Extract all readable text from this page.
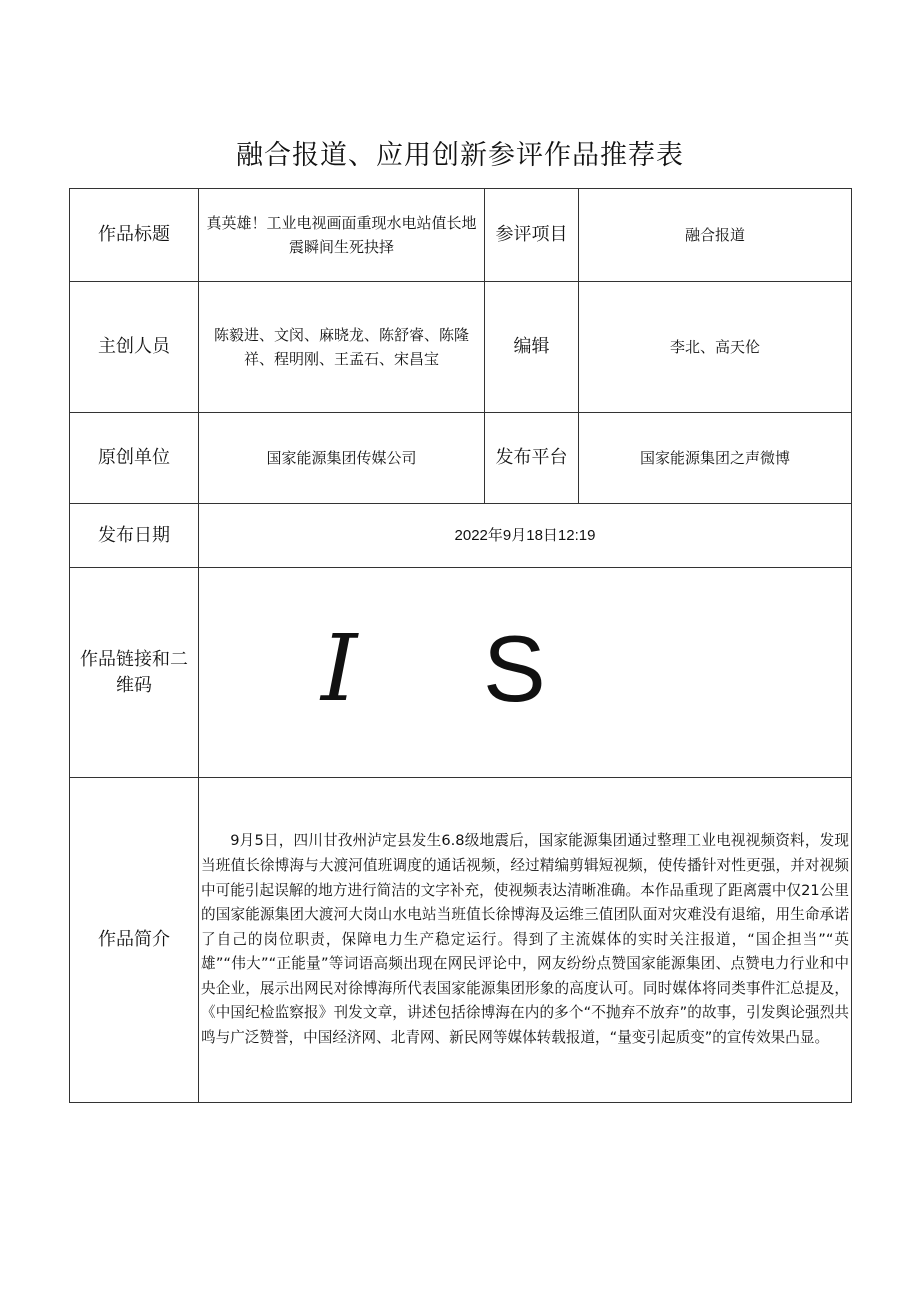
融合报道、应用创新参评作品推荐表
作品标题	真英雄！工业电视画面重现水电站值长地震瞬间生死抉择	参评项目	融合报道
主创人员	陈毅进、文闵、麻晓龙、陈舒睿、陈隆祥、程明刚、王孟石、宋昌宝	编辑	李北、高天伦
原创单位	国家能源集团传媒公司	发布平台	国家能源集团之声微博
发布日期	2022年9月18日12:19		
作品链接和二维码	I S		

作品简介	9月5日，四川甘孜州泸定县发生6.8级地震后，国家能源集团通过整理工业电视视频资料，发现当班值长徐博海与大渡河值班调度的通话视频，经过精编剪辑短视频，使传播针对性更强，并对视频中可能引起误解的地方进行简洁的文字补充，使视频表达清晰准确。本作品重现了距离震中仅21公里的国家能源集团大渡河大岗山水电站当班值长徐博海及运维三值团队面对灾难没有退缩，用生命承诺了自己的岗位职责，保障电力生产稳定运行。得到了主流媒体的实时关注报道，“国企担当”“英雄”“伟大”“正能量”等词语高频出现在网民评论中，网友纷纷点赞国家能源集团、点赞电力行业和中央企业，展示出网民对徐博海所代表国家能源集团形象的高度认可。同时媒体将同类事件汇总提及，《中国纪检监察报》刊发文章，讲述包括徐博海在内的多个“不抛弃不放弃”的故事，引发舆论强烈共鸣与广泛赞誉，中国经济网、北青网、新民网等媒体转载报道，“量变引起质变”的宣传效果凸显。		
